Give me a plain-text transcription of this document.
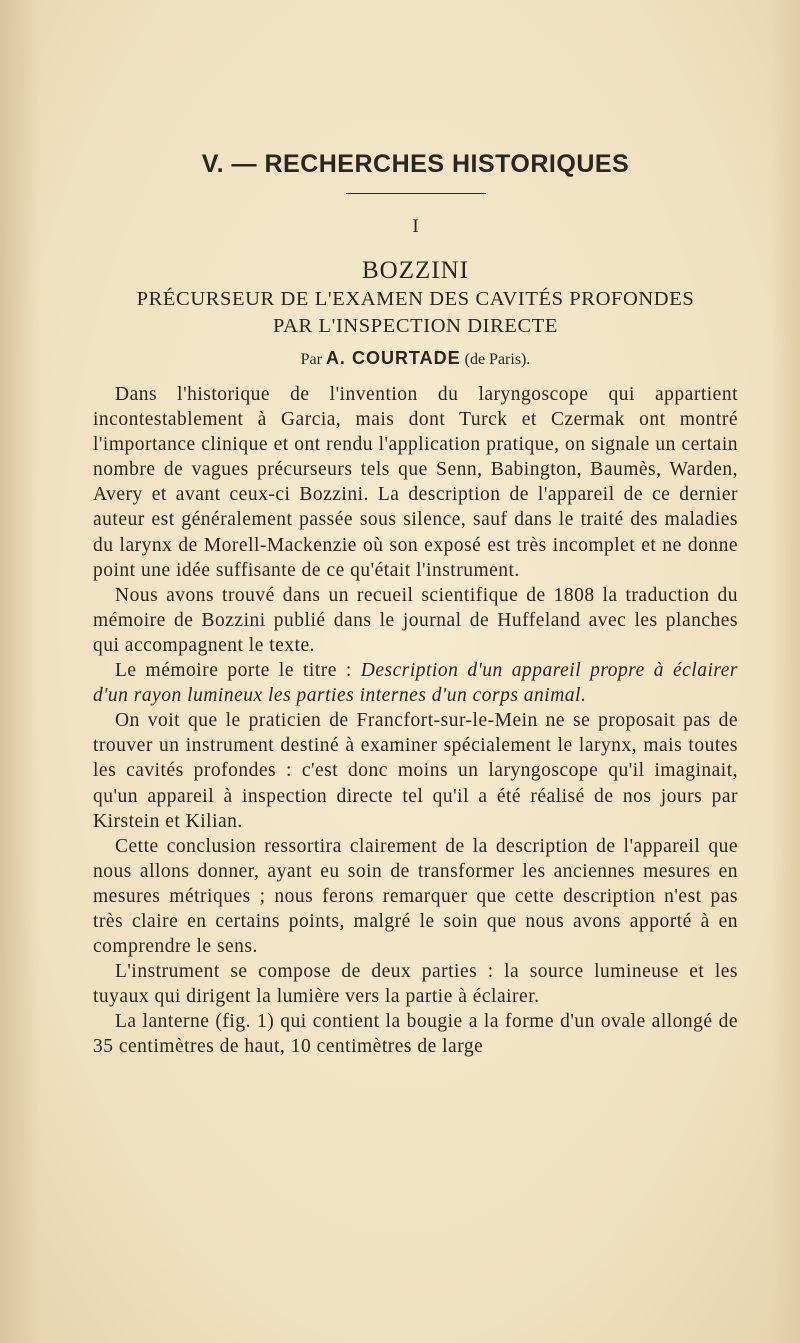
V. — RECHERCHES HISTORIQUES
I
BOZZINI
PRÉCURSEUR DE L'EXAMEN DES CAVITÉS PROFONDES
PAR L'INSPECTION DIRECTE
Par A. COURTADE (de Paris).

Dans l'historique de l'invention du laryngoscope qui appartient incontestablement à Garcia, mais dont Turck et Czermak ont montré l'importance clinique et ont rendu l'application pratique, on signale un certain nombre de vagues précurseurs tels que Senn, Babington, Baumès, Warden, Avery et avant ceux-ci Bozzini. La description de l'appareil de ce dernier auteur est généralement passée sous silence, sauf dans le traité des maladies du larynx de Morell-Mackenzie où son exposé est très incomplet et ne donne point une idée suffisante de ce qu'était l'instrument.

Nous avons trouvé dans un recueil scientifique de 1808 la traduction du mémoire de Bozzini publié dans le journal de Huffeland avec les planches qui accompagnent le texte.

Le mémoire porte le titre : Description d'un appareil propre à éclairer d'un rayon lumineux les parties internes d'un corps animal.

On voit que le praticien de Francfort-sur-le-Mein ne se proposait pas de trouver un instrument destiné à examiner spécialement le larynx, mais toutes les cavités profondes : c'est donc moins un laryngoscope qu'il imaginait, qu'un appareil à inspection directe tel qu'il a été réalisé de nos jours par Kirstein et Kilian.

Cette conclusion ressortira clairement de la description de l'appareil que nous allons donner, ayant eu soin de transformer les anciennes mesures en mesures métriques ; nous ferons remarquer que cette description n'est pas très claire en certains points, malgré le soin que nous avons apporté à en comprendre le sens.

L'instrument se compose de deux parties : la source lumineuse et les tuyaux qui dirigent la lumière vers la partie à éclairer.

La lanterne (fig. 1) qui contient la bougie a la forme d'un ovale allongé de 35 centimètres de haut, 10 centimètres de large
